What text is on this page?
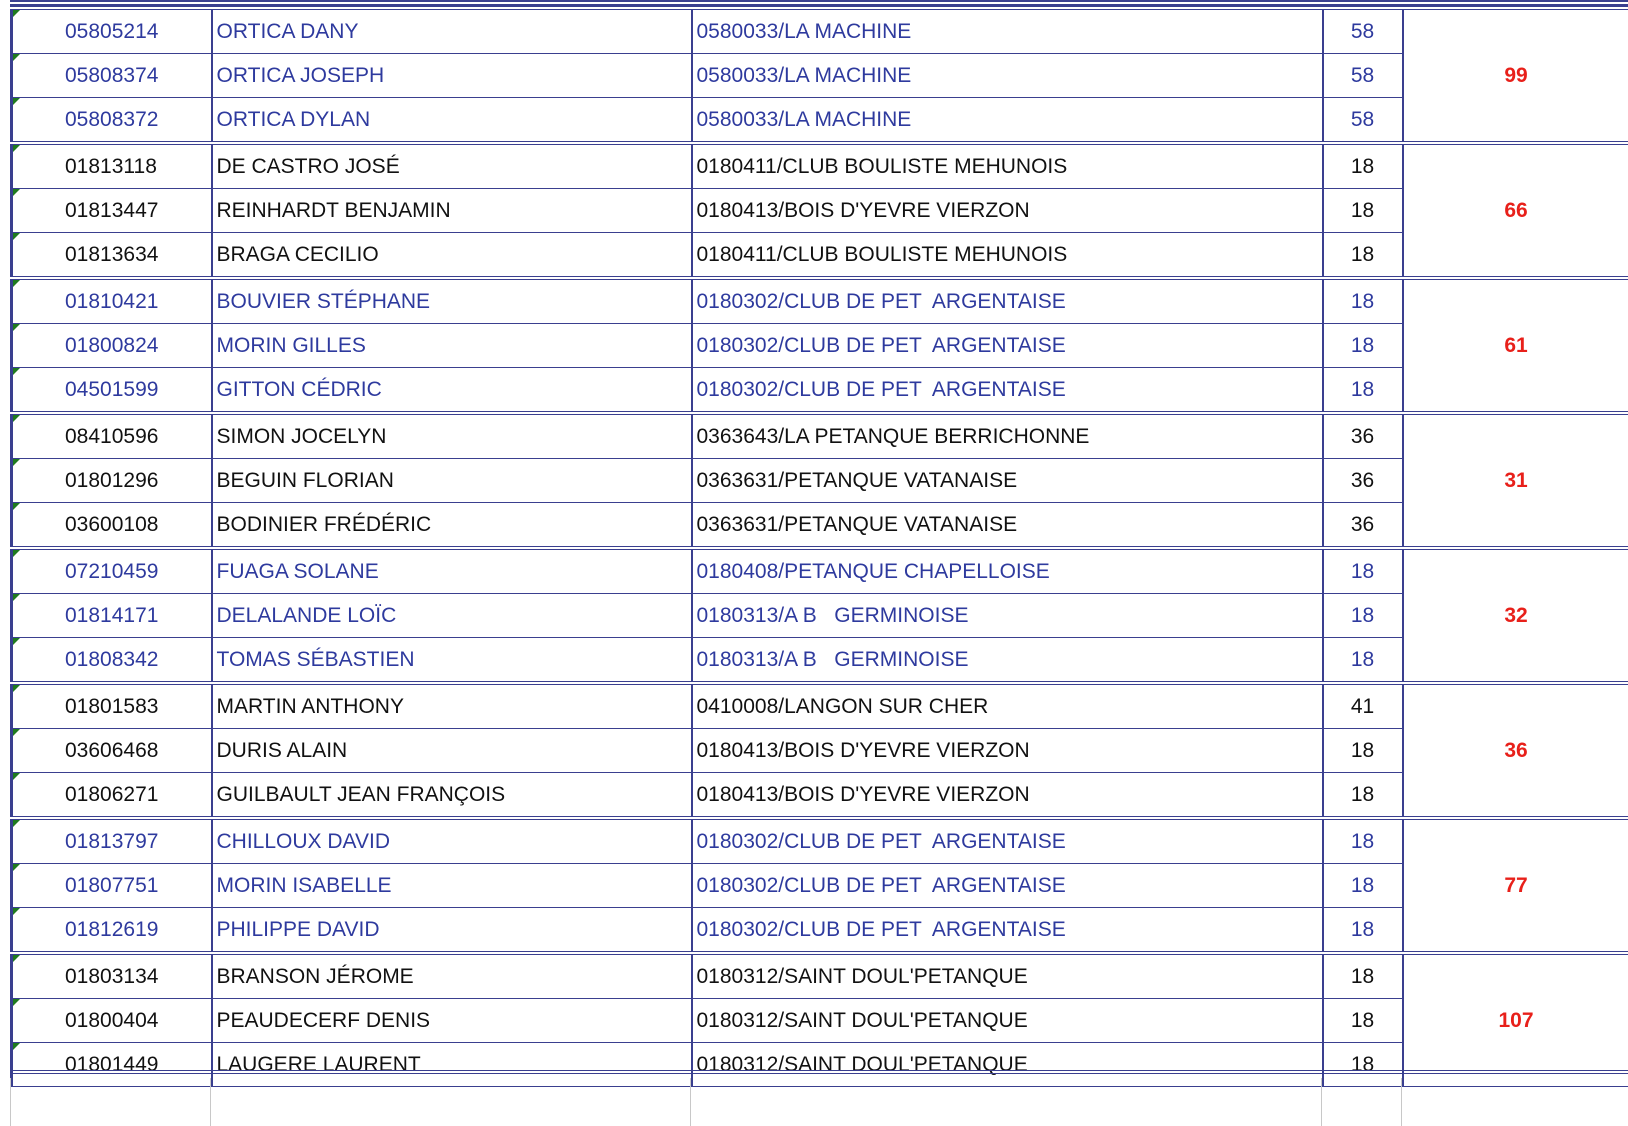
05805214	ORTICA DANY	0580033/LA MACHINE	58	99

05808374	ORTICA JOSEPH	0580033/LA MACHINE	58	

05808372	ORTICA DYLAN	0580033/LA MACHINE	58	

01813118	DE CASTRO JOSÉ	0180411/CLUB BOULISTE MEHUNOIS	18	66

01813447	REINHARDT BENJAMIN	0180413/BOIS D'YEVRE VIERZON	18	

01813634	BRAGA CECILIO	0180411/CLUB BOULISTE MEHUNOIS	18	

01810421	BOUVIER STÉPHANE	0180302/CLUB DE PET  ARGENTAISE	18	61

01800824	MORIN GILLES	0180302/CLUB DE PET  ARGENTAISE	18	

04501599	GITTON CÉDRIC	0180302/CLUB DE PET  ARGENTAISE	18	

08410596	SIMON JOCELYN	0363643/LA PETANQUE BERRICHONNE	36	31

01801296	BEGUIN FLORIAN	0363631/PETANQUE VATANAISE	36	

03600108	BODINIER FRÉDÉRIC	0363631/PETANQUE VATANAISE	36	

07210459	FUAGA SOLANE	0180408/PETANQUE CHAPELLOISE	18	32

01814171	DELALANDE LOÏC	0180313/A B   GERMINOISE	18	

01808342	TOMAS SÉBASTIEN	0180313/A B   GERMINOISE	18	

01801583	MARTIN ANTHONY	0410008/LANGON SUR CHER	41	36

03606468	DURIS ALAIN	0180413/BOIS D'YEVRE VIERZON	18	

01806271	GUILBAULT JEAN FRANÇOIS	0180413/BOIS D'YEVRE VIERZON	18	

01813797	CHILLOUX DAVID	0180302/CLUB DE PET  ARGENTAISE	18	77

01807751	MORIN ISABELLE	0180302/CLUB DE PET  ARGENTAISE	18	

01812619	PHILIPPE DAVID	0180302/CLUB DE PET  ARGENTAISE	18	

01803134	BRANSON JÉROME	0180312/SAINT DOUL'PETANQUE	18	107

01800404	PEAUDECERF DENIS	0180312/SAINT DOUL'PETANQUE	18	

01801449	LAUGERE LAURENT	0180312/SAINT DOUL'PETANQUE	18	
